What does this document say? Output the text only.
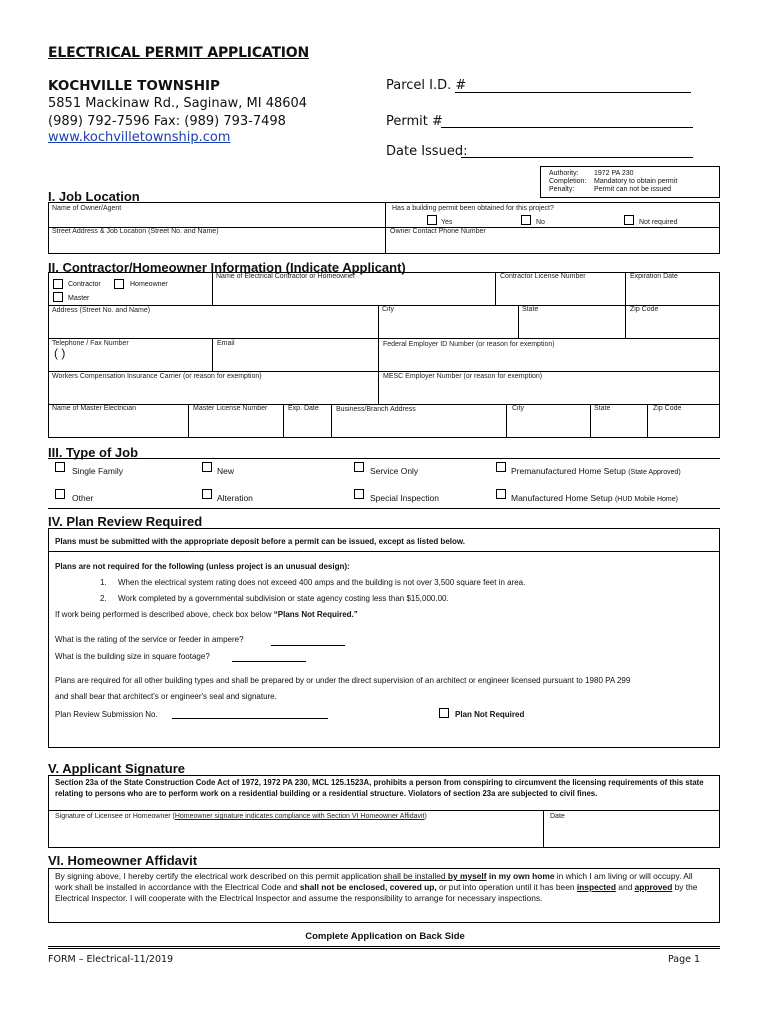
ELECTRICAL PERMIT APPLICATION
KOCHVILLE TOWNSHIP
5851 Mackinaw Rd., Saginaw, MI 48604
(989) 792-7596 Fax: (989) 793-7498
www.kochvilletownship.com
Parcel I.D. #
Permit #
Date Issued:
Authority: 1972 PA 230
Completion: Mandatory to obtain permit
Penalty:	Permit can not be issued
I. Job Location
Name of Owner/Agent	Has a building permit been obtained for this project?
Yes	No	Not required
Street Address & Job Location (Street No. and Name)	Owner Contact Phone Number
II. Contractor/Homeowner Information (Indicate Applicant)
Contractor	Homeowner
Master
Name of Electrical Contractor or Homeowner	Contractor License Number	Expiration Date
Address (Street No. and Name)	City	State	Zip Code
Telephone / Fax Number
( )
Email	Federal Employer ID Number (or reason for exemption)
Workers Compensation Insurance Carrier (or reason for exemption)	MESC Employer Number (or reason for exemption)
Name of Master Electrician	Master License Number	Exp. Date Business/Branch Address	City	State	Zip Code
III. Type of Job
Single Family	New	Service Only	Premanufactured Home Setup (State Approved)
Other	Alteration	Special Inspection	Manufactured Home Setup (HUD Mobile Home)
IV. Plan Review Required
Plans must be submitted with the appropriate deposit before a permit can be issued, except as listed below.
Plans are not required for the following (unless project is an unusual design):
1. When the electrical system rating does not exceed 400 amps and the building is not over 3,500 square feet in area.
2. Work completed by a governmental subdivision or state agency costing less than $15,000.00.
If work being performed is described above, check box below “Plans Not Required.”
What is the rating of the service or feeder in ampere?
What is the building size in square footage?
Plans are required for all other building types and shall be prepared by or under the direct supervision of an architect or engineer licensed pursuant to 1980 PA 299
and shall bear that architect's or engineer's seal and signature.
Plan Review Submission No.	Plan Not Required
V. Applicant Signature
Section 23a of the State Construction Code Act of 1972, 1972 PA 230, MCL 125.1523A, prohibits a person from conspiring to circumvent the licensing requirements of this state relating to persons who are to perform work on a residential building or a residential structure. Violators of section 23a are subjected to civil fines.
Signature of Licensee or Homeowner (Homeowner signature indicates compliance with Section VI Homeowner Affidavit)	Date
VI. Homeowner Affidavit
By signing above, I hereby certify the electrical work described on this permit application shall be installed by myself in my own home in which I am living or will occupy. All work shall be installed in accordance with the Electrical Code and shall not be enclosed, covered up, or put into operation until it has been inspected and approved by the Electrical Inspector. I will cooperate with the Electrical Inspector and assume the responsibility to arrange for necessary inspections.
Complete Application on Back Side
FORM – Electrical-11/2019	Page 1
